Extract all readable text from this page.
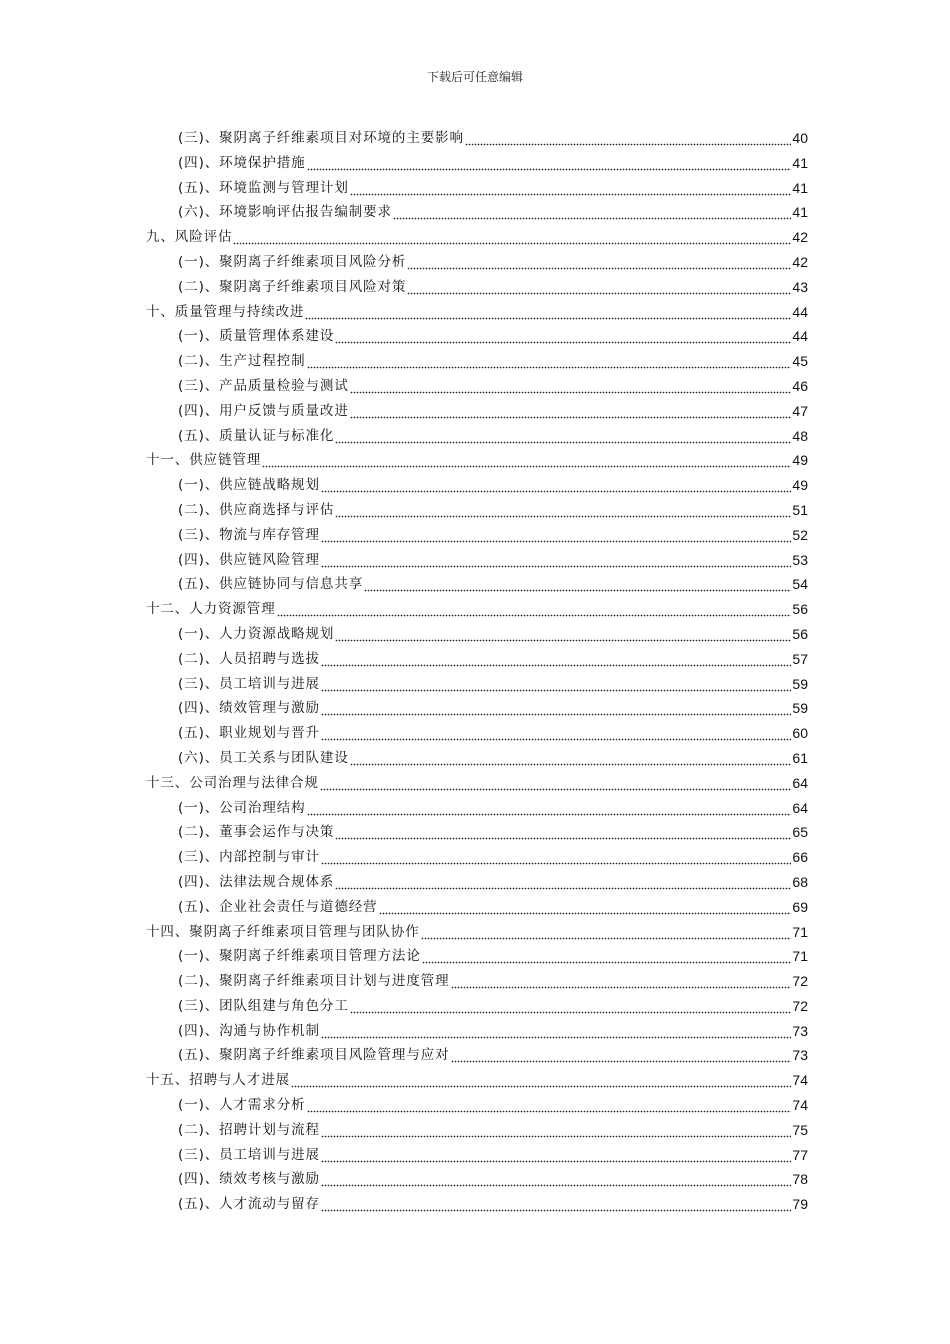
下载后可任意编辑
(三)、聚阴离子纤维素项目对环境的主要影响	40
(四)、环境保护措施	41
(五)、环境监测与管理计划	41
(六)、环境影响评估报告编制要求	41
九、风险评估	42
(一)、聚阴离子纤维素项目风险分析	42
(二)、聚阴离子纤维素项目风险对策	43
十、质量管理与持续改进	44
(一)、质量管理体系建设	44
(二)、生产过程控制	45
(三)、产品质量检验与测试	46
(四)、用户反馈与质量改进	47
(五)、质量认证与标准化	48
十一、供应链管理	49
(一)、供应链战略规划	49
(二)、供应商选择与评估	51
(三)、物流与库存管理	52
(四)、供应链风险管理	53
(五)、供应链协同与信息共享	54
十二、人力资源管理	56
(一)、人力资源战略规划	56
(二)、人员招聘与选拔	57
(三)、员工培训与进展	59
(四)、绩效管理与激励	59
(五)、职业规划与晋升	60
(六)、员工关系与团队建设	61
十三、公司治理与法律合规	64
(一)、公司治理结构	64
(二)、董事会运作与决策	65
(三)、内部控制与审计	66
(四)、法律法规合规体系	68
(五)、企业社会责任与道德经营	69
十四、聚阴离子纤维素项目管理与团队协作	71
(一)、聚阴离子纤维素项目管理方法论	71
(二)、聚阴离子纤维素项目计划与进度管理	72
(三)、团队组建与角色分工	72
(四)、沟通与协作机制	73
(五)、聚阴离子纤维素项目风险管理与应对	73
十五、招聘与人才进展	74
(一)、人才需求分析	74
(二)、招聘计划与流程	75
(三)、员工培训与进展	77
(四)、绩效考核与激励	78
(五)、人才流动与留存	79
